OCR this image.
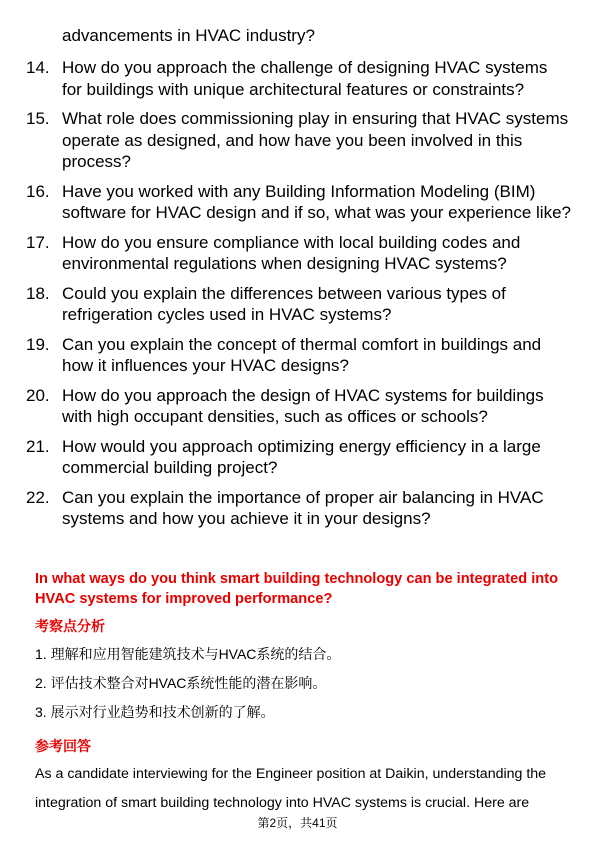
advancements in HVAC industry?

14. How do you approach the challenge of designing HVAC systems for buildings with unique architectural features or constraints?
15. What role does commissioning play in ensuring that HVAC systems operate as designed, and how have you been involved in this process?
16. Have you worked with any Building Information Modeling (BIM) software for HVAC design and if so, what was your experience like?
17. How do you ensure compliance with local building codes and environmental regulations when designing HVAC systems?
18. Could you explain the differences between various types of refrigeration cycles used in HVAC systems?
19. Can you explain the concept of thermal comfort in buildings and how it influences your HVAC designs?
20. How do you approach the design of HVAC systems for buildings with high occupant densities, such as offices or schools?
21. How would you approach optimizing energy efficiency in a large commercial building project?
22. Can you explain the importance of proper air balancing in HVAC systems and how you achieve it in your designs?

In what ways do you think smart building technology can be integrated into HVAC systems for improved performance?

考察点分析

1. 理解和应用智能建筑技术与HVAC系统的结合。

2. 评估技术整合对HVAC系统性能的潜在影响。

3. 展示对行业趋势和技术创新的了解。

参考回答

As a candidate interviewing for the Engineer position at Daikin, understanding the integration of smart building technology into HVAC systems is crucial. Here are

第2页，共41页
